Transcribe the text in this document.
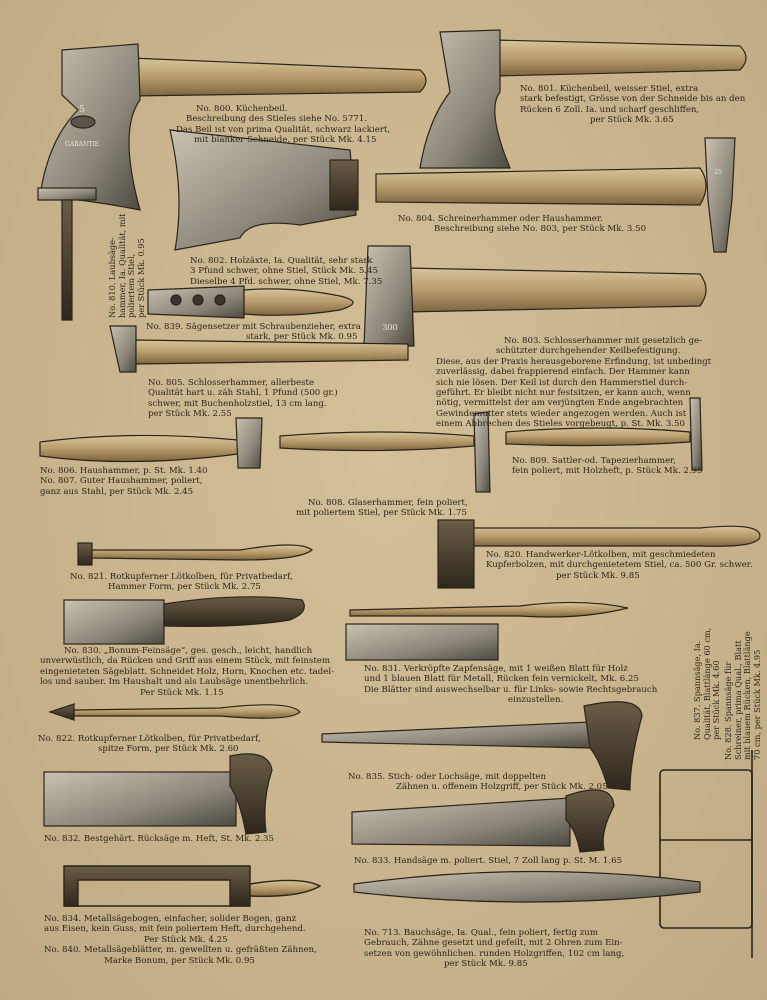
5
GARANTIE
25
300
No. 800. Küchenbeil.
Beschreibung des Stieles siehe No. 5771.
Das Beil ist von prima Qualität, schwarz lackiert,
mit blanker Schneide, per Stück Mk. 4.15
No. 801. Küchenbeil, weisser Stiel, extra
stark befestigt, Grösse von der Schneide bis an den
Rücken 6 Zoll. Ia. und scharf geschliffen,
per Stück Mk. 3.65
No. 802. Holzäxte, Ia. Qualität, sehr stark
3 Pfund schwer, ohne Stiel, Stück Mk. 5.45
Dieselbe 4 Pfd. schwer, ohne Stiel, Mk. 7.35
No. 804. Schreinerhammer oder Haushammer.
Beschreibung siehe No. 803, per Stück Mk. 3.50
No. 810. Laubsäge- hammer, Ia. Qualität, mit poliertem Stiel, per Stück Mk. 0.95
No. 839. Sägensetzer mit Schraubenzieher, extra
stark, per Stück Mk. 0.95	No. 803. Schlosserhammer mit gesetzlich ge-
schützter durchgehender Keilbefestigung.
Diese, aus der Praxis herausgeborene Erfindung, ist unbedingt
zuverlässig, dabei frappierend einfach. Der Hammer kann
sich nie lösen. Der Keil ist durch den Hammerstiel durch-
geführt. Er bleibt nicht nur festsitzen, er kann auch, wenn
nötig, vermittelst der am verjüngten Ende angebrachten
Gewindemutter stets wieder angezogen werden. Auch ist
einem Abbrechen des Stieles vorgebeugt, p. St. Mk. 3.50
No. 805. Schlosserhammer, allerbeste
Qualität hart u. zäh Stahl, 1 Pfund (500 gr.)
schwer, mit Buchenholzstiel, 13 cm lang.
per Stück Mk. 2.55
No. 806. Haushammer, p. St. Mk. 1.40
No. 807. Guter Haushammer, poliert,
ganz aus Stahl, per Stück Mk. 2.45
No. 809. Sattler-od. Tapezierhammer,
fein poliert, mit Holzheft, p. Stück Mk. 2.95
No. 808. Glaserhammer, fein poliert,
mit poliertem Stiel, per Stück Mk. 1.75
No. 820. Handwerker-Lötkolben, mit geschmiedeten
Kupferbolzen, mit durchgenietetem Stiel, ca. 500 Gr. schwer.
per Stück Mk. 9.85
No. 821. Rotkupferner Lötkolben, für Privatbedarf,
Hammer Form, per Stück Mk. 2.75
No. 830. „Bonum-Feinsäge“, ges. gesch., leicht, handlich
unverwüstlich, da Rücken und Griff aus einem Stück, mit feinstem
eingenieteten Sägeblatt. Schneidet Holz, Horn, Knochen etc. tadel-
los und sauber. Im Haushalt und als Laubsäge unentbehrlich.
Per Stück Mk. 1.15
No. 831. Verkröpfte Zapfensäge, mit 1 weißen Blatt für Holz
und 1 blauen Blatt für Metall, Rücken fein vernickelt, Mk. 6.25
Die Blätter sind auswechselbar u. für Links- sowie Rechtsgebrauch
einzustellen.	No. 837. Spannsäge, Ia. Qualität, Blattlänge 60 cm, per Stück Mk. 4.60 No. 828. Spannsäge für Schreiner, prima Qual., Blatt mit blauem Rücken, Blattlänge 70 cm, per Stück Mk. 4.95
No. 822. Rotkupferner Lötkolben, für Privatbedarf,
spitze Form, per Stück Mk. 2.60
No. 835. Stich- oder Lochsäge, mit doppelten
Zähnen u. offenem Holzgriff, per Stück Mk. 2.05
No. 832. Bestgehärt. Rücksäge m. Heft, St. Mk. 2.35
No. 833. Handsäge m. poliert. Stiel, 7 Zoll lang p. St. M. 1.65
No. 834. Metallsägebogen, einfacher, solider Bogen, ganz
aus Eisen, kein Guss, mit fein poliertem Heft, durchgehend.
Per Stück Mk. 4.25
No. 840. Metallsägeblätter, m. gewellten u. gefräßten Zähnen,
Marke Bonum, per Stück Mk. 0.95
No. 713. Bauchsäge, Ia. Qual., fein poliert, fertig zum
Gebrauch, Zähne gesetzt und gefeilt, mit 2 Ohren zum Ein-
setzen von gewöhnlichen. runden Holzgriffen, 102 cm lang,
per Stück Mk. 9.85
